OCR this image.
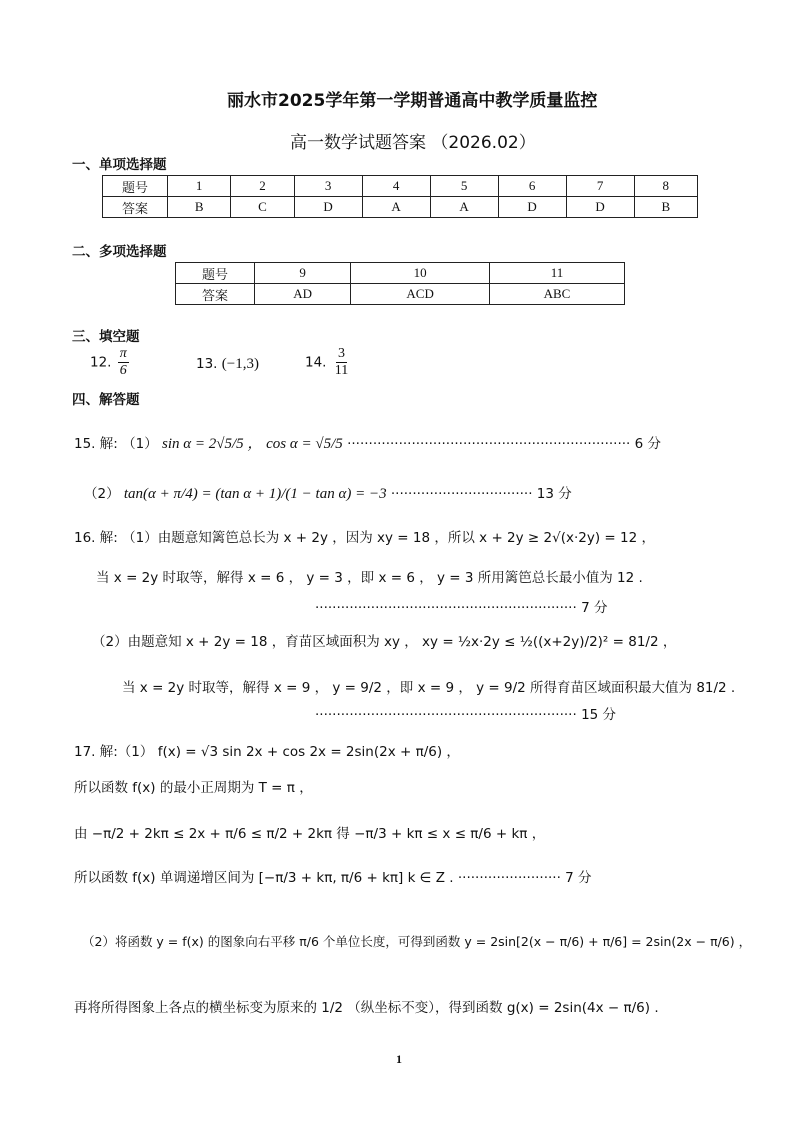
丽水市2025学年第一学期普通高中教学质量监控
高一数学试题答案 （2026.02）
一、单项选择题
题号	1	2	3	4	5	6	7	8
答案	B	C	D	A	A	D	D	B
二、多项选择题
题号	9	10	11
答案	AD	ACD	ABC
三、填空题
12. $\frac{\pi}{6}$	13. (−1,3)	14. $\frac{3}{11}$
四、解答题
15. 解: （1） sin α = 2√5/5 ， cos α = √5/5 ·································································· 6 分
（2） tan(α + π/4) = (tan α + 1)/(1 − tan α) = −3 ································· 13 分
16. 解: （1）由题意知篱笆总长为 x + 2y ，因为 xy = 18 ，所以 x + 2y ≥ 2√(x·2y) = 12 ，
当 x = 2y 时取等，解得 x = 6 ， y = 3 ，即 x = 6 ， y = 3 所用篱笆总长最小值为 12 .
····························································· 7 分
（2）由题意知 x + 2y = 18 ，育苗区域面积为 xy ， xy = ½x·2y ≤ ½((x+2y)/2)² = 81/2 ，
当 x = 2y 时取等，解得 x = 9 ， y = 9/2 ，即 x = 9 ， y = 9/2 所得育苗区域面积最大值为 81/2 .
····························································· 15 分
17. 解:（1） f(x) = √3 sin 2x + cos 2x = 2sin(2x + π/6) ，
所以函数 f(x) 的最小正周期为 T = π ，
由 −π/2 + 2kπ ≤ 2x + π/6 ≤ π/2 + 2kπ 得 −π/3 + kπ ≤ x ≤ π/6 + kπ ，
所以函数 f(x) 单调递增区间为 [−π/3 + kπ, π/6 + kπ] k ∈ Z . ························ 7 分
（2）将函数 y = f(x) 的图象向右平移 π/6 个单位长度，可得到函数 y = 2sin[2(x − π/6) + π/6] = 2sin(2x − π/6) ，
再将所得图象上各点的横坐标变为原来的 1/2 （纵坐标不变），得到函数 g(x) = 2sin(4x − π/6) .
1
